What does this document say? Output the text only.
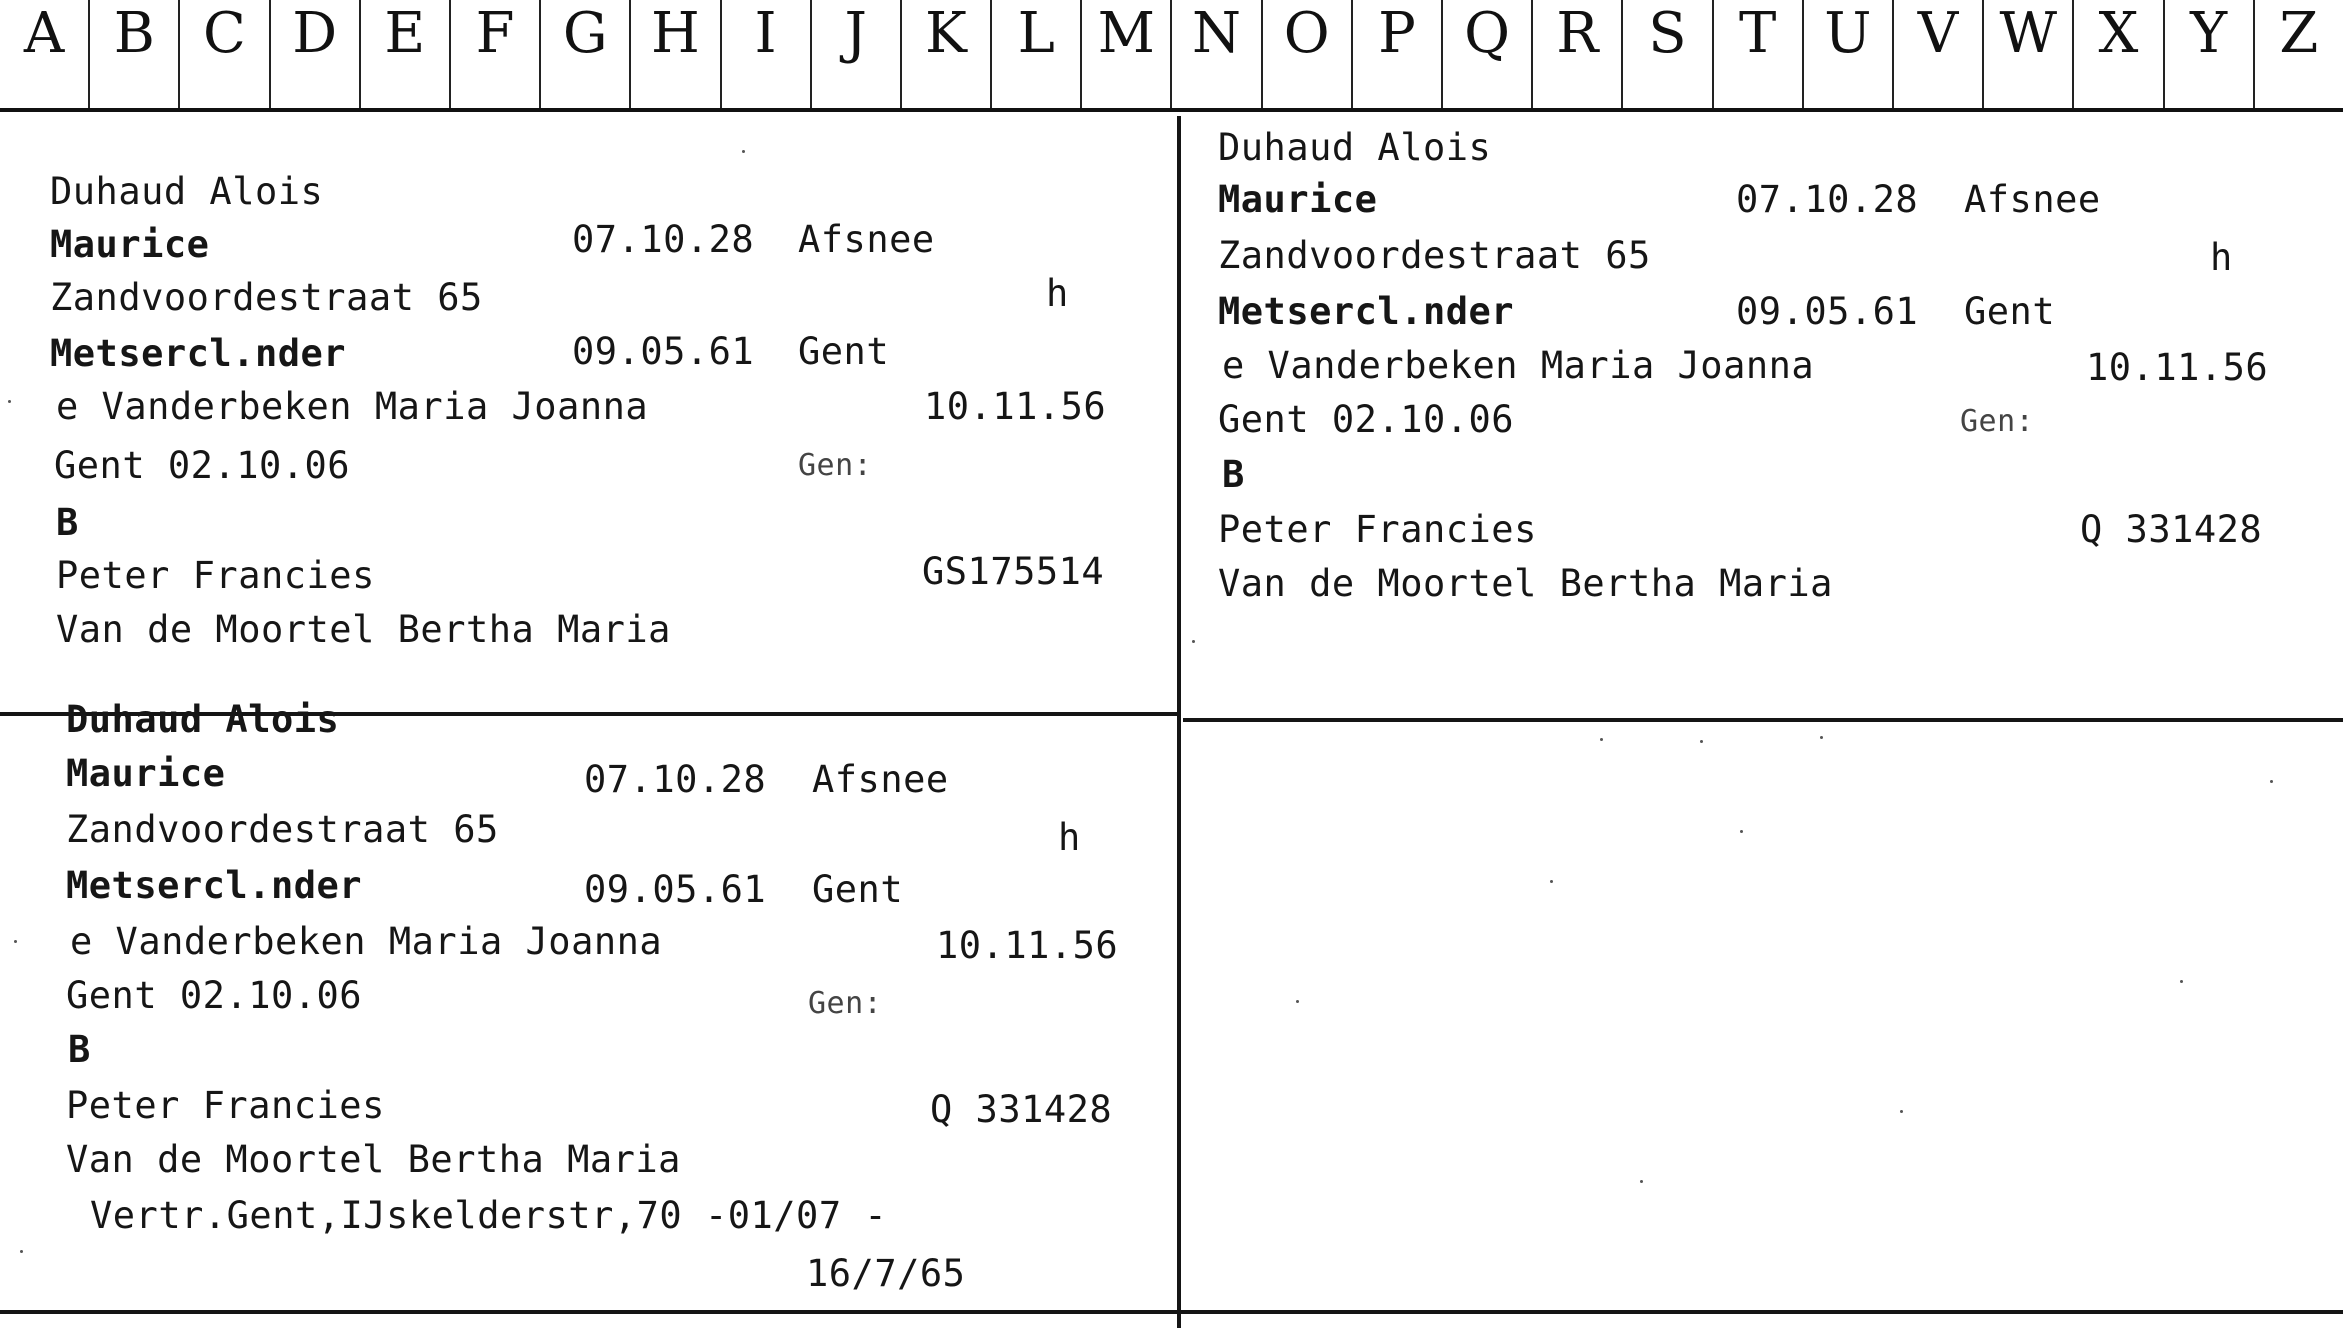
A B C D E F G H I	J	K L M N O P Q R S T U V W X Y Z
Duhaud Alois
Maurice	07.10.28 Afsnee
Zandvoordestraat 65	h
Metsercl.nder	09.05.61 Gent
e Vanderbeken Maria Joanna	10.11.56
Gent 02.10.06	Gen:
B
Peter Francies	GS175514
Van de Moortel Bertha Maria
Duhaud Alois
Maurice	07.10.28 Afsnee
Zandvoordestraat 65	h
Metsercl.nder	09.05.61 Gent
e Vanderbeken Maria Joanna	10.11.56
Gent 02.10.06	Gen:
B
Peter Francies	Q 331428
Van de Moortel Bertha Maria
Duhaud Alois
Maurice	07.10.28 Afsnee
Zandvoordestraat 65	h
Metsercl.nder	09.05.61 Gent
e Vanderbeken Maria Joanna	10.11.56
Gent 02.10.06	Gen:
B
Peter Francies	Q 331428
Van de Moortel Bertha Maria
Vertr.Gent,IJskelderstr,70 -01/07 -
16/7/65
